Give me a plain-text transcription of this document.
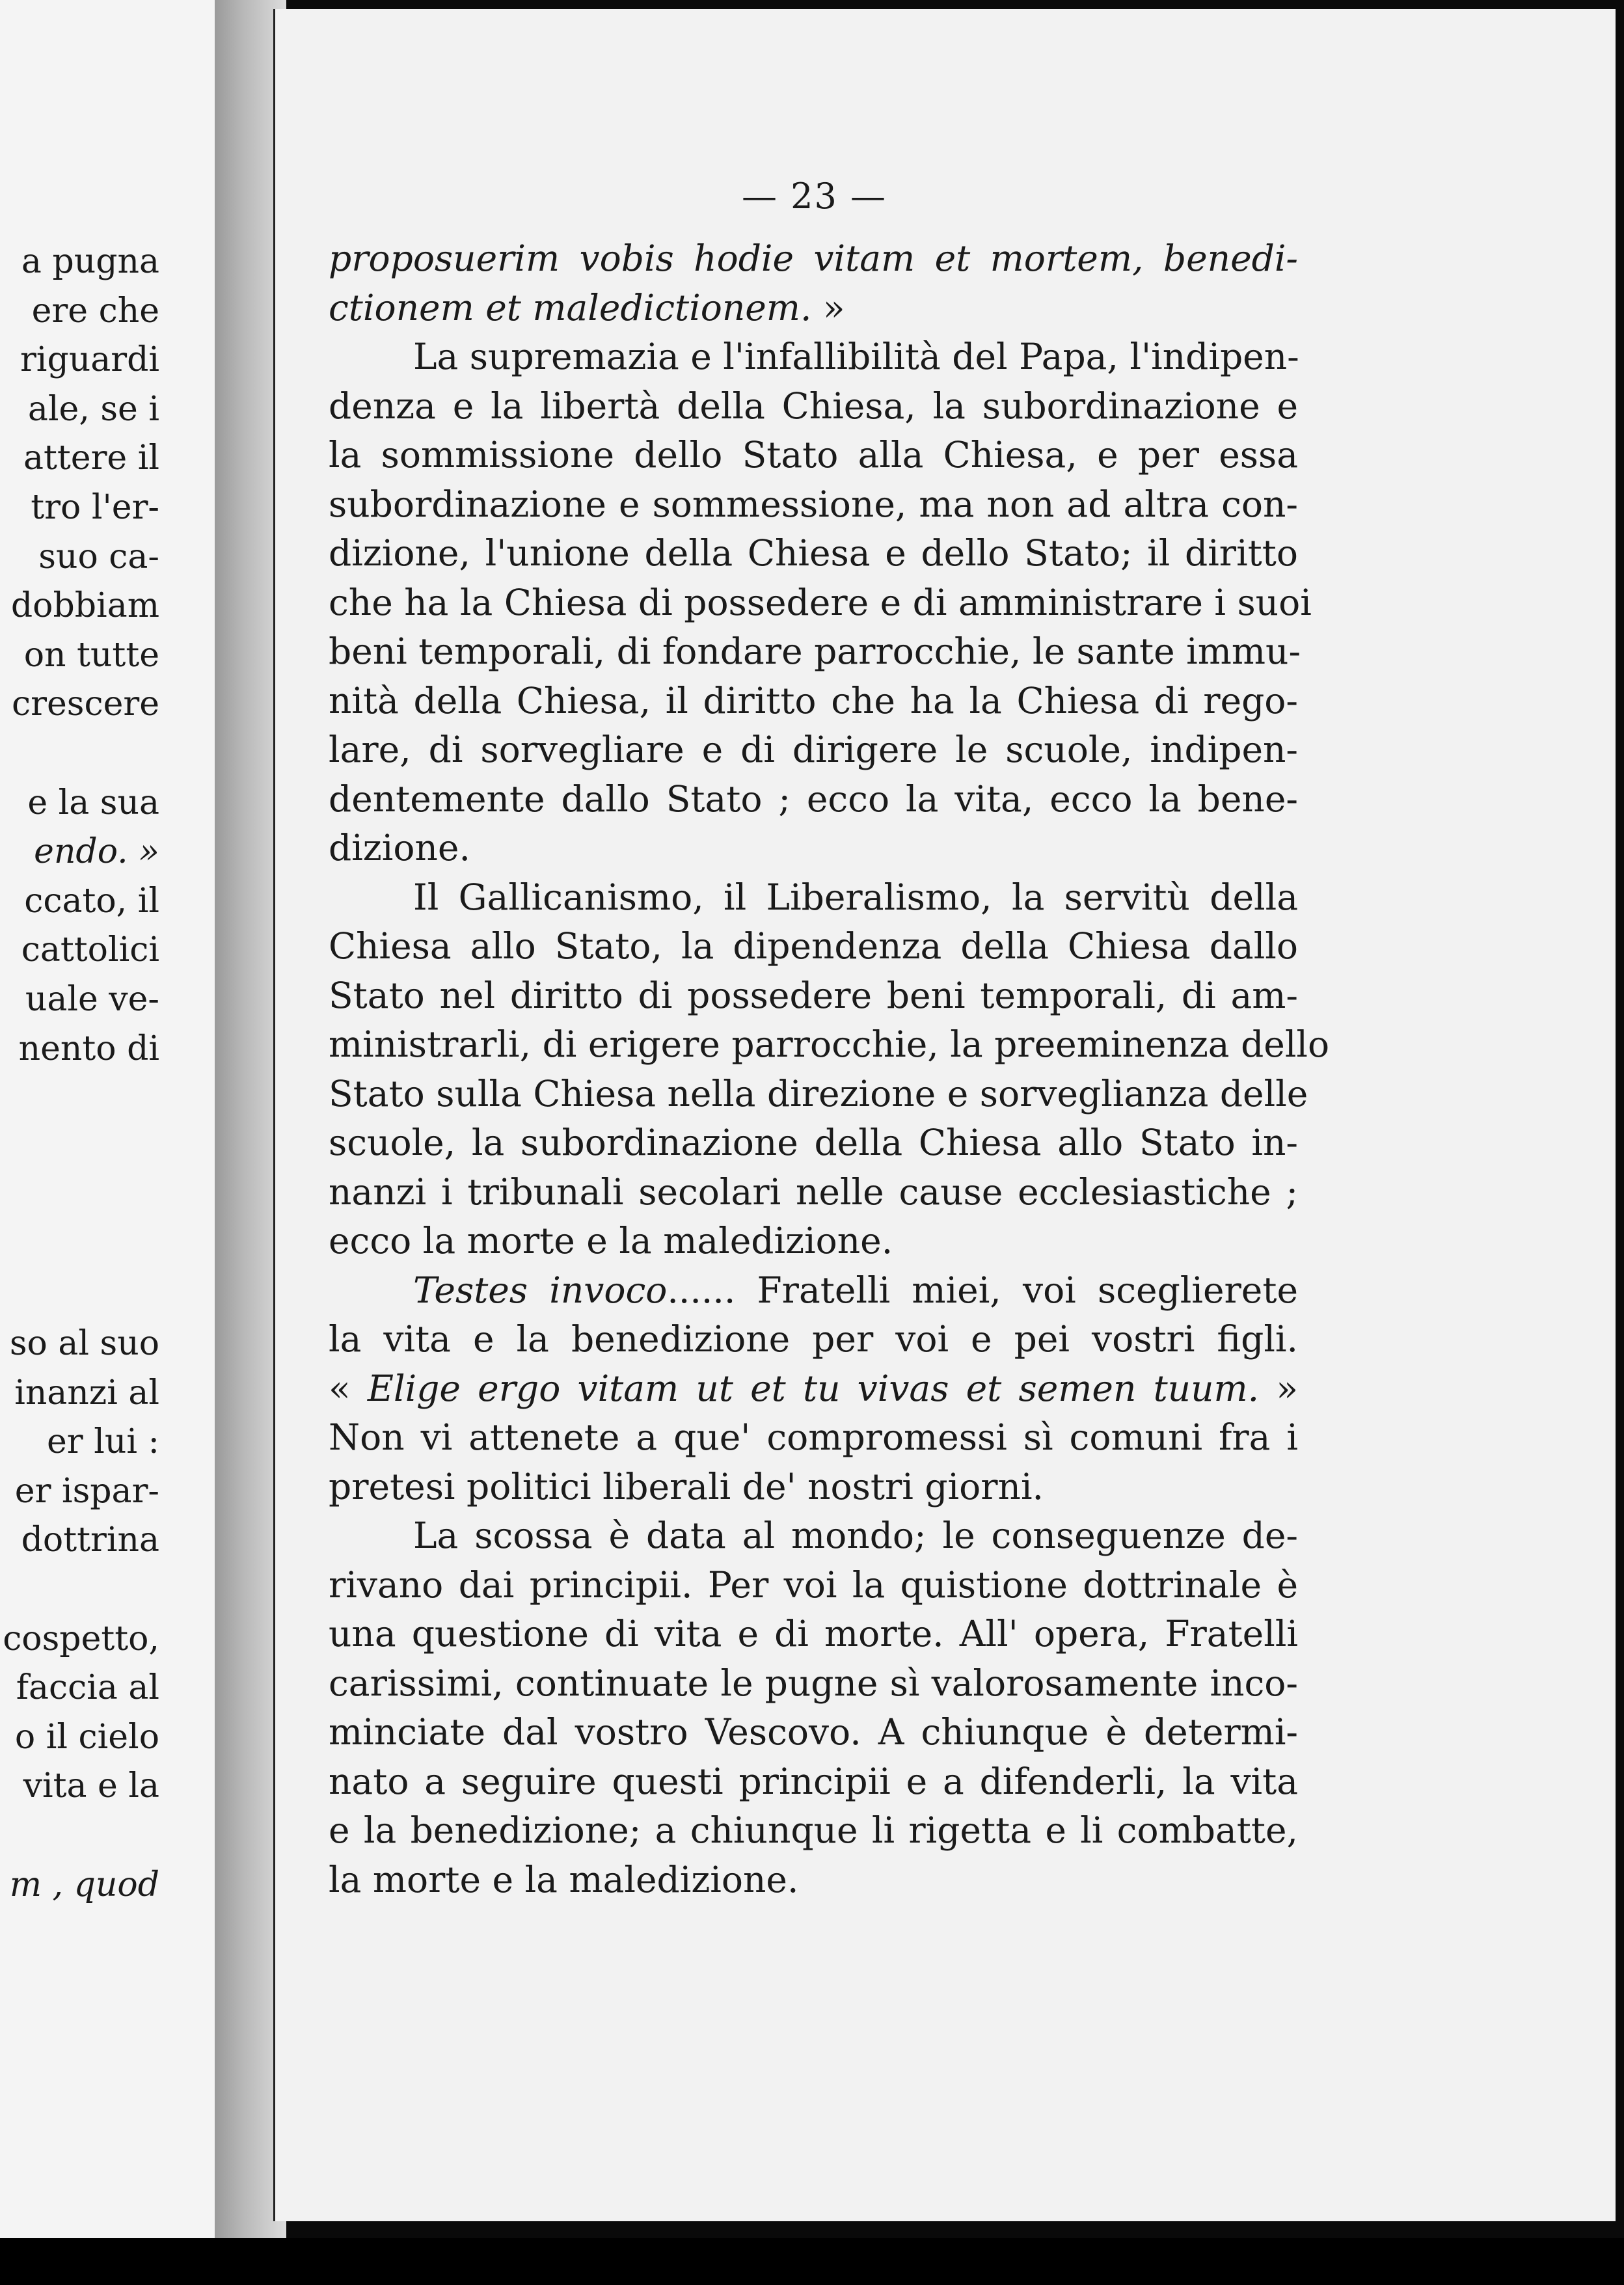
a pugna
ere che
riguardi
ale, se i
attere il
tro l'er-
suo ca-
dobbiam
on tutte
crescere
e la sua
endo. »
ccato, il
cattolici
uale ve-
nento di
so al suo
inanzi al
er lui :
er ispar-
dottrina
cospetto,
faccia al
o il cielo
vita e la
m , quod
— 23 —
proposuerim vobis hodie vitam et mortem, benedi-
ctionem et maledictionem. »
La supremazia e l'infallibilità del Papa, l'indipen-
denza e la libertà della Chiesa, la subordinazione e
la sommissione dello Stato alla Chiesa, e per essa
subordinazione e sommessione, ma non ad altra con-
dizione, l'unione della Chiesa e dello Stato; il diritto
che ha la Chiesa di possedere e di amministrare i suoi
beni temporali, di fondare parrocchie, le sante immu-
nità della Chiesa, il diritto che ha la Chiesa di rego-
lare, di sorvegliare e di dirigere le scuole, indipen-
dentemente dallo Stato ; ecco la vita, ecco la bene-
dizione.
Il Gallicanismo, il Liberalismo, la servitù della
Chiesa allo Stato, la dipendenza della Chiesa dallo
Stato nel diritto di possedere beni temporali, di am-
ministrarli, di erigere parrocchie, la preeminenza dello
Stato sulla Chiesa nella direzione e sorveglianza delle
scuole, la subordinazione della Chiesa allo Stato in-
nanzi i tribunali secolari nelle cause ecclesiastiche ;
ecco la morte e la maledizione.
Testes invoco...... Fratelli miei, voi sceglierete
la vita e la benedizione per voi e pei vostri figli.
« Elige ergo vitam ut et tu vivas et semen tuum. »
Non vi attenete a que' compromessi sì comuni fra i
pretesi politici liberali de' nostri giorni.
La scossa è data al mondo; le conseguenze de-
rivano dai principii. Per voi la quistione dottrinale è
una questione di vita e di morte. All' opera, Fratelli
carissimi, continuate le pugne sì valorosamente inco-
minciate dal vostro Vescovo. A chiunque è determi-
nato a seguire questi principii e a difenderli, la vita
e la benedizione; a chiunque li rigetta e li combatte,
la morte e la maledizione.
